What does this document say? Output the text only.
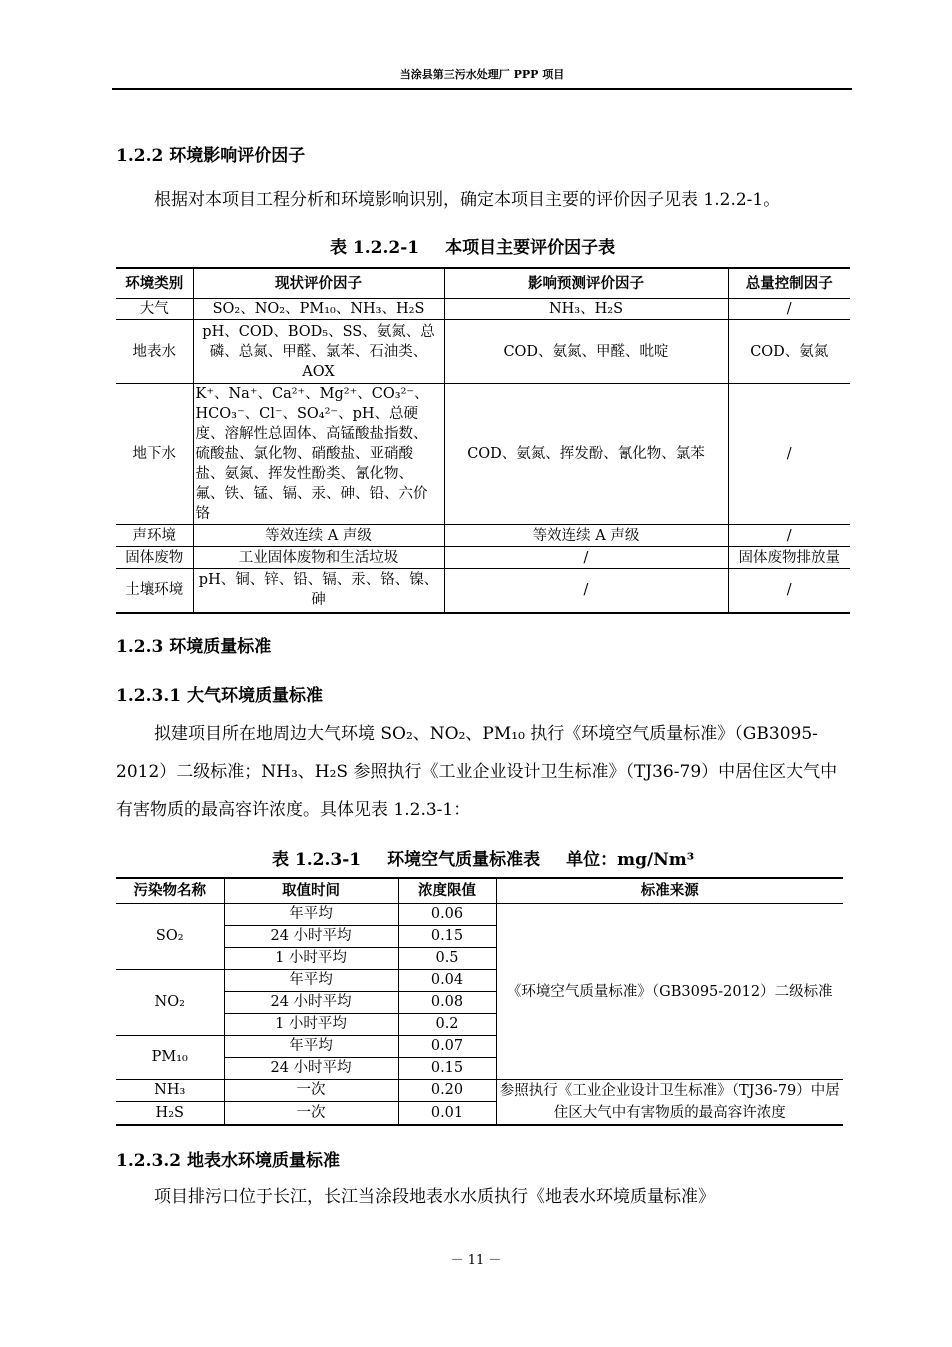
当涂县第三污水处理厂 PPP 项目
1.2.2 环境影响评价因子
根据对本项目工程分析和环境影响识别，确定本项目主要的评价因子见表 1.2.2-1。
表 1.2.2-1 本项目主要评价因子表
环境类别	现状评价因子	影响预测评价因子	总量控制因子
大气	SO₂、NO₂、PM₁₀、NH₃、H₂S	NH₃、H₂S	/
地表水	pH、COD、BOD₅、SS、氨氮、总磷、总氮、甲醛、氯苯、石油类、AOX	COD、氨氮、甲醛、吡啶	COD、氨氮
地下水	K⁺、Na⁺、Ca²⁺、Mg²⁺、CO₃²⁻、HCO₃⁻、Cl⁻、SO₄²⁻、pH、总硬度、溶解性总固体、高锰酸盐指数、硫酸盐、氯化物、硝酸盐、亚硝酸盐、氨氮、挥发性酚类、氰化物、氟、铁、锰、镉、汞、砷、铅、六价铬	COD、氨氮、挥发酚、氰化物、氯苯	/
声环境	等效连续 A 声级	等效连续 A 声级	/
固体废物	工业固体废物和生活垃圾	/	固体废物排放量
土壤环境	pH、铜、锌、铅、镉、汞、铬、镍、砷	/	/
1.2.3 环境质量标准
1.2.3.1 大气环境质量标准
拟建项目所在地周边大气环境 SO₂、NO₂、PM₁₀ 执行《环境空气质量标准》（GB3095-2012）二级标准；NH₃、H₂S 参照执行《工业企业设计卫生标准》（TJ36-79）中居住区大气中有害物质的最高容许浓度。具体见表 1.2.3-1：
表 1.2.3-1 环境空气质量标准表 单位：mg/Nm³
污染物名称	取值时间	浓度限值	标准来源
SO₂	年平均	0.06	《环境空气质量标准》（GB3095-2012）二级标准
	24 小时平均	0.15	
	1 小时平均	0.5	
NO₂	年平均	0.04	
	24 小时平均	0.08	
	1 小时平均	0.2	
PM₁₀	年平均	0.07	
	24 小时平均	0.15	
NH₃	一次	0.20	参照执行《工业企业设计卫生标准》（TJ36-79）中居住区大气中有害物质的最高容许浓度
H₂S	一次	0.01	
1.2.3.2 地表水环境质量标准
项目排污口位于长江，长江当涂段地表水水质执行《地表水环境质量标准》
－ 11 －
